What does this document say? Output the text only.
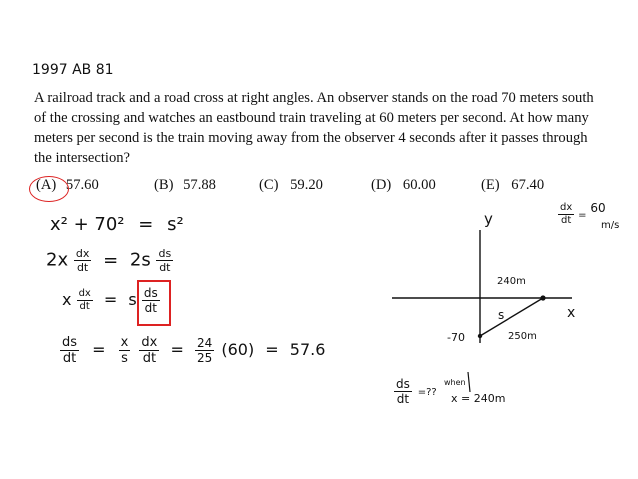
1997 AB 81
A railroad track and a road cross at right angles. An observer stands on the road 70 meters south of the crossing and watches an eastbound train traveling at 60 meters per second. At how many meters per second is the train moving away from the observer 4 seconds after it passes through the intersection?
(A) 57.60	(B) 57.88	(C) 59.20	(D) 60.00	(E) 67.40
x² + 70² = s²
$2x \frac{dx}{dt} = 2s \frac{ds}{dt}$
x $\frac{dx}{dt} = s \frac{ds}{dt}$
$\frac{ds}{dt} = \frac{x}{s}$
$\frac{dx}{dt} = \frac{24}{25} (60) = 57.6$
$\frac{dx}{dt} = 60$
m/s
y
x
240m
s
250m
-70
$\frac{ds}{dt}$ =??
when
x = 240m
